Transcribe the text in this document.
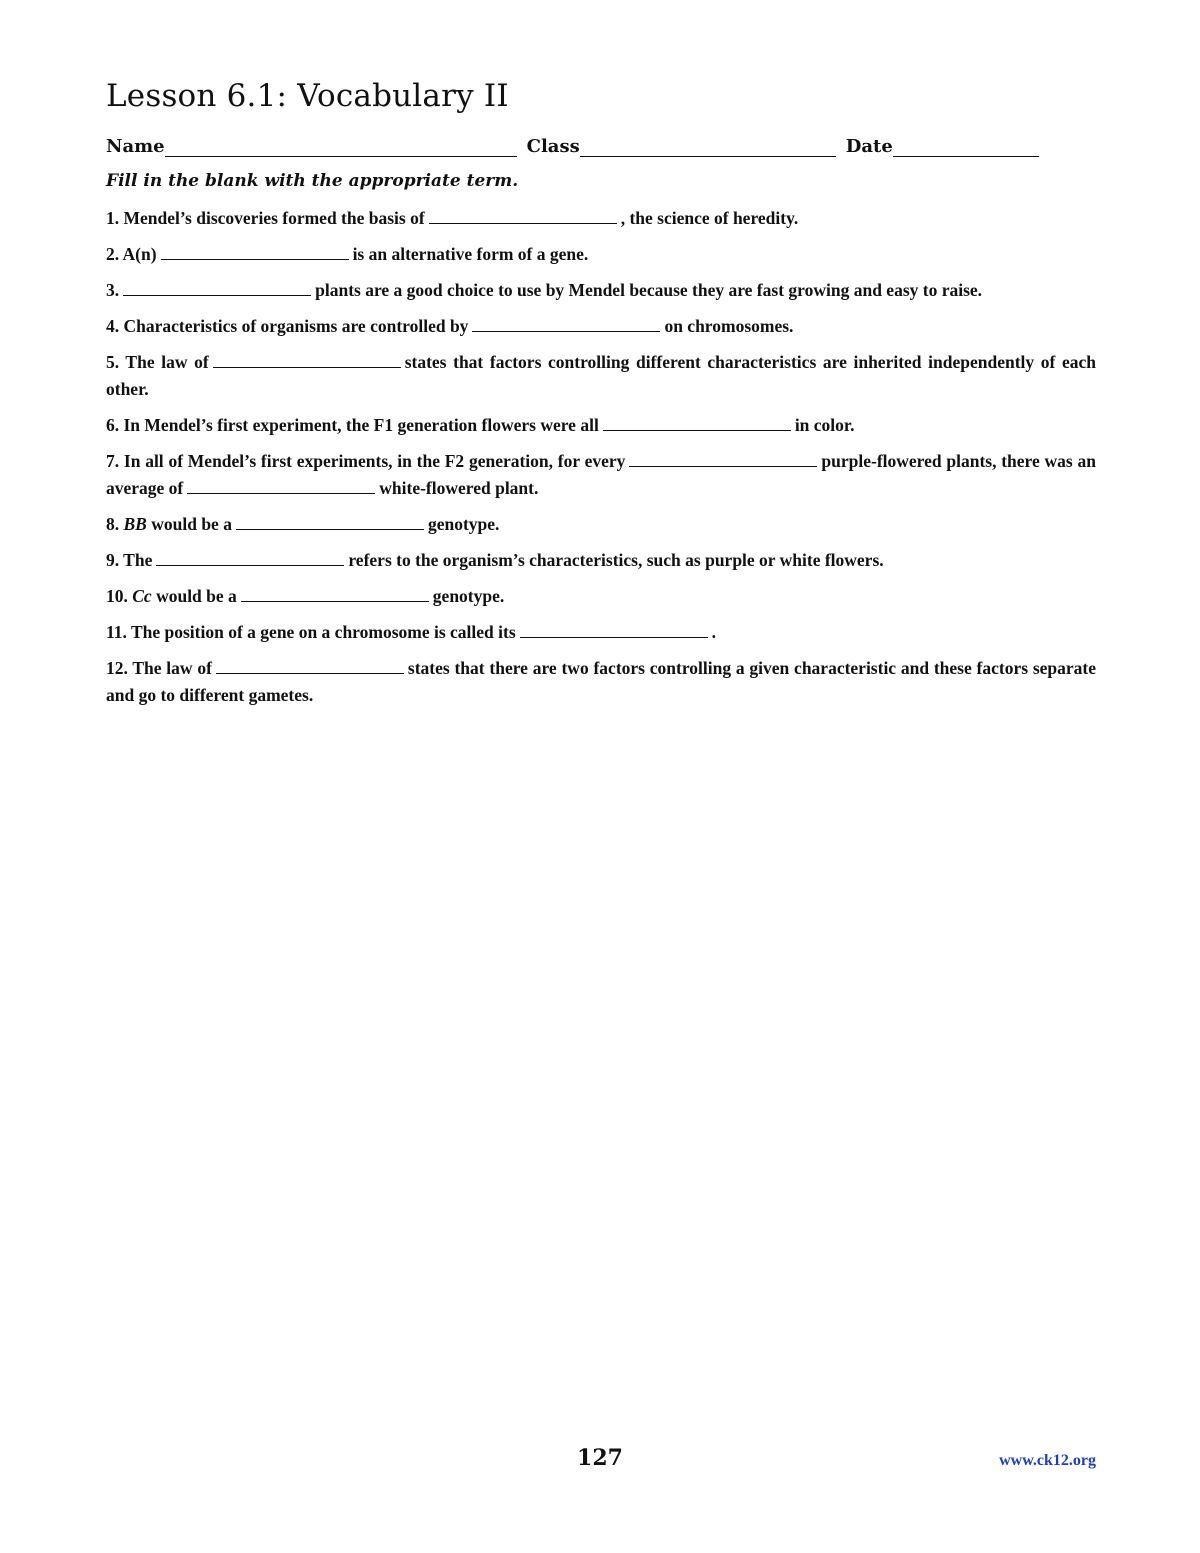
Lesson 6.1: Vocabulary II
Name	Class	Date
Fill in the blank with the appropriate term.
1. Mendel’s discoveries formed the basis of	, the science of heredity.
2. A(n)	is an alternative form of a gene.
3.	plants are a good choice to use by Mendel because they are fast growing and easy to raise.
4. Characteristics of organisms are controlled by	on chromosomes.
5. The law of	states that factors controlling different characteristics are inherited independently of each other.
6. In Mendel’s first experiment, the F1 generation flowers were all	in color.
7. In all of Mendel’s first experiments, in the F2 generation, for every	purple-flowered plants, there was an average of	white-flowered plant.
8. BB would be a	genotype.
9. The	refers to the organism’s characteristics, such as purple or white flowers.
10. Cc would be a	genotype.
11. The position of a gene on a chromosome is called its	.
12. The law of	states that there are two factors controlling a given characteristic and these factors separate and go to different gametes.
127	www.ck12.org
